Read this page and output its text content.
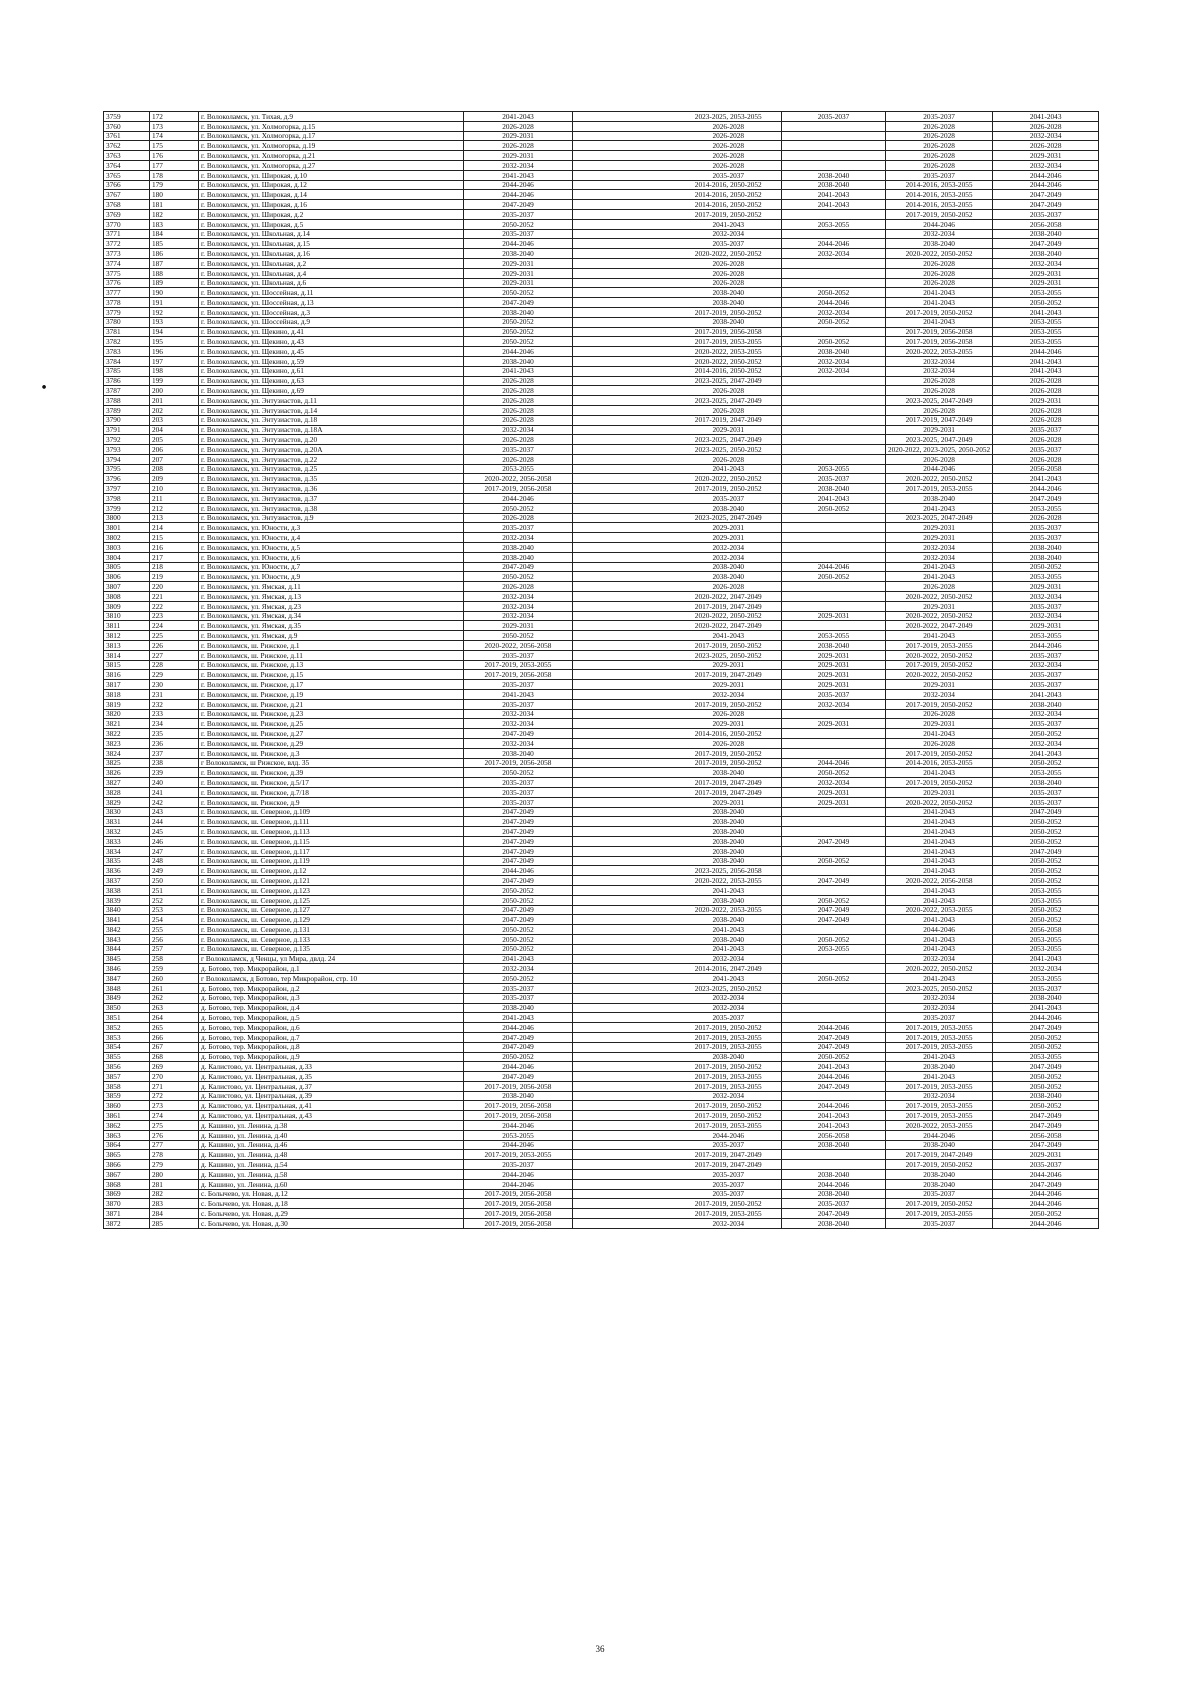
∙
3759	172	г. Волоколамск, ул. Тихая, д.9	2041-2043		2023-2025, 2053-2055	2035-2037	2035-2037	2041-2043
3760	173	г. Волоколамск, ул. Холмогорка, д.15	2026-2028		2026-2028		2026-2028	2026-2028
3761	174	г. Волоколамск, ул. Холмогорка, д.17	2029-2031		2026-2028		2026-2028	2032-2034
3762	175	г. Волоколамск, ул. Холмогорка, д.19	2026-2028		2026-2028		2026-2028	2026-2028
3763	176	г. Волоколамск, ул. Холмогорка, д.21	2029-2031		2026-2028		2026-2028	2029-2031
3764	177	г. Волоколамск, ул. Холмогорка, д.27	2032-2034		2026-2028		2026-2028	2032-2034
3765	178	г. Волоколамск, ул. Широкая, д.10	2041-2043		2035-2037	2038-2040	2035-2037	2044-2046
3766	179	г. Волоколамск, ул. Широкая, д.12	2044-2046		2014-2016, 2050-2052	2038-2040	2014-2016, 2053-2055	2044-2046
3767	180	г. Волоколамск, ул. Широкая, д.14	2044-2046		2014-2016, 2050-2052	2041-2043	2014-2016, 2053-2055	2047-2049
3768	181	г. Волоколамск, ул. Широкая, д.16	2047-2049		2014-2016, 2050-2052	2041-2043	2014-2016, 2053-2055	2047-2049
3769	182	г. Волоколамск, ул. Широкая, д.2	2035-2037		2017-2019, 2050-2052		2017-2019, 2050-2052	2035-2037
3770	183	г. Волоколамск, ул. Широкая, д.5	2050-2052		2041-2043	2053-2055	2044-2046	2056-2058
3771	184	г. Волоколамск, ул. Школьная, д.14	2035-2037		2032-2034		2032-2034	2038-2040
3772	185	г. Волоколамск, ул. Школьная, д.15	2044-2046		2035-2037	2044-2046	2038-2040	2047-2049
3773	186	г. Волоколамск, ул. Школьная, д.16	2038-2040		2020-2022, 2050-2052	2032-2034	2020-2022, 2050-2052	2038-2040
3774	187	г. Волоколамск, ул. Школьная, д.2	2029-2031		2026-2028		2026-2028	2032-2034
3775	188	г. Волоколамск, ул. Школьная, д.4	2029-2031		2026-2028		2026-2028	2029-2031
3776	189	г. Волоколамск, ул. Школьная, д.6	2029-2031		2026-2028		2026-2028	2029-2031
3777	190	г. Волоколамск, ул. Шоссейная, д.11	2050-2052		2038-2040	2050-2052	2041-2043	2053-2055
3778	191	г. Волоколамск, ул. Шоссейная, д.13	2047-2049		2038-2040	2044-2046	2041-2043	2050-2052
3779	192	г. Волоколамск, ул. Шоссейная, д.3	2038-2040		2017-2019, 2050-2052	2032-2034	2017-2019, 2050-2052	2041-2043
3780	193	г. Волоколамск, ул. Шоссейная, д.9	2050-2052		2038-2040	2050-2052	2041-2043	2053-2055
3781	194	г. Волоколамск, ул. Щекино, д.41	2050-2052		2017-2019, 2056-2058		2017-2019, 2056-2058	2053-2055
3782	195	г. Волоколамск, ул. Щекино, д.43	2050-2052		2017-2019, 2053-2055	2050-2052	2017-2019, 2056-2058	2053-2055
3783	196	г. Волоколамск, ул. Щекино, д.45	2044-2046		2020-2022, 2053-2055	2038-2040	2020-2022, 2053-2055	2044-2046
3784	197	г. Волоколамск, ул. Щекино, д.59	2038-2040		2020-2022, 2050-2052	2032-2034	2032-2034	2041-2043
3785	198	г. Волоколамск, ул. Щекино, д.61	2041-2043		2014-2016, 2050-2052	2032-2034	2032-2034	2041-2043
3786	199	г. Волоколамск, ул. Щекино, д.63	2026-2028		2023-2025, 2047-2049		2026-2028	2026-2028
3787	200	г. Волоколамск, ул. Щекино, д.69	2026-2028		2026-2028		2026-2028	2026-2028
3788	201	г. Волоколамск, ул. Энтузиастов, д.11	2026-2028		2023-2025, 2047-2049		2023-2025, 2047-2049	2029-2031
3789	202	г. Волоколамск, ул. Энтузиастов, д.14	2026-2028		2026-2028		2026-2028	2026-2028
3790	203	г. Волоколамск, ул. Энтузиастов, д.18	2026-2028		2017-2019, 2047-2049		2017-2019, 2047-2049	2026-2028
3791	204	г. Волоколамск, ул. Энтузиастов, д.18А	2032-2034		2029-2031		2029-2031	2035-2037
3792	205	г. Волоколамск, ул. Энтузиастов, д.20	2026-2028		2023-2025, 2047-2049		2023-2025, 2047-2049	2026-2028
3793	206	г. Волоколамск, ул. Энтузиастов, д.20А	2035-2037		2023-2025, 2050-2052		2020-2022, 2023-2025, 2050-2052	2035-2037
3794	207	г. Волоколамск, ул. Энтузиастов, д.22	2026-2028		2026-2028		2026-2028	2026-2028
3795	208	г. Волоколамск, ул. Энтузиастов, д.25	2053-2055		2041-2043	2053-2055	2044-2046	2056-2058
3796	209	г. Волоколамск, ул. Энтузиастов, д.35	2020-2022, 2056-2058		2020-2022, 2050-2052	2035-2037	2020-2022, 2050-2052	2041-2043
3797	210	г. Волоколамск, ул. Энтузиастов, д.36	2017-2019, 2056-2058		2017-2019, 2050-2052	2038-2040	2017-2019, 2053-2055	2044-2046
3798	211	г. Волоколамск, ул. Энтузиастов, д.37	2044-2046		2035-2037	2041-2043	2038-2040	2047-2049
3799	212	г. Волоколамск, ул. Энтузиастов, д.38	2050-2052		2038-2040	2050-2052	2041-2043	2053-2055
3800	213	г. Волоколамск, ул. Энтузиастов, д.9	2026-2028		2023-2025, 2047-2049		2023-2025, 2047-2049	2026-2028
3801	214	г. Волоколамск, ул. Юности, д.3	2035-2037		2029-2031		2029-2031	2035-2037
3802	215	г. Волоколамск, ул. Юности, д.4	2032-2034		2029-2031		2029-2031	2035-2037
3803	216	г. Волоколамск, ул. Юности, д.5	2038-2040		2032-2034		2032-2034	2038-2040
3804	217	г. Волоколамск, ул. Юности, д.6	2038-2040		2032-2034		2032-2034	2038-2040
3805	218	г. Волоколамск, ул. Юности, д.7	2047-2049		2038-2040	2044-2046	2041-2043	2050-2052
3806	219	г. Волоколамск, ул. Юности, д.9	2050-2052		2038-2040	2050-2052	2041-2043	2053-2055
3807	220	г. Волоколамск, ул. Ямская, д.11	2026-2028		2026-2028		2026-2028	2029-2031
3808	221	г. Волоколамск, ул. Ямская, д.13	2032-2034		2020-2022, 2047-2049		2020-2022, 2050-2052	2032-2034
3809	222	г. Волоколамск, ул. Ямская, д.23	2032-2034		2017-2019, 2047-2049		2029-2031	2035-2037
3810	223	г. Волоколамск, ул. Ямская, д.34	2032-2034		2020-2022, 2050-2052	2029-2031	2020-2022, 2050-2052	2032-2034
3811	224	г. Волоколамск, ул. Ямская, д.35	2029-2031		2020-2022, 2047-2049		2020-2022, 2047-2049	2029-2031
3812	225	г. Волоколамск, ул. Ямская, д.9	2050-2052		2041-2043	2053-2055	2041-2043	2053-2055
3813	226	г. Волоколамск, ш. Рижское, д.1	2020-2022, 2056-2058		2017-2019, 2050-2052	2038-2040	2017-2019, 2053-2055	2044-2046
3814	227	г. Волоколамск, ш. Рижское, д.11	2035-2037		2023-2025, 2050-2052	2029-2031	2020-2022, 2050-2052	2035-2037
3815	228	г. Волоколамск, ш. Рижское, д.13	2017-2019, 2053-2055		2029-2031	2029-2031	2017-2019, 2050-2052	2032-2034
3816	229	г. Волоколамск, ш. Рижское, д.15	2017-2019, 2056-2058		2017-2019, 2047-2049	2029-2031	2020-2022, 2050-2052	2035-2037
3817	230	г. Волоколамск, ш. Рижское, д.17	2035-2037		2029-2031	2029-2031	2029-2031	2035-2037
3818	231	г. Волоколамск, ш. Рижское, д.19	2041-2043		2032-2034	2035-2037	2032-2034	2041-2043
3819	232	г. Волоколамск, ш. Рижское, д.21	2035-2037		2017-2019, 2050-2052	2032-2034	2017-2019, 2050-2052	2038-2040
3820	233	г. Волоколамск, ш. Рижское, д.23	2032-2034		2026-2028		2026-2028	2032-2034
3821	234	г. Волоколамск, ш. Рижское, д.25	2032-2034		2029-2031	2029-2031	2029-2031	2035-2037
3822	235	г. Волоколамск, ш. Рижское, д.27	2047-2049		2014-2016, 2050-2052		2041-2043	2050-2052
3823	236	г. Волоколамск, ш. Рижское, д.29	2032-2034		2026-2028		2026-2028	2032-2034
3824	237	г. Волоколамск, ш. Рижское, д.3	2038-2040		2017-2019, 2050-2052		2017-2019, 2050-2052	2041-2043
3825	238	г Волоколамск, ш Рижское, влд. 35	2017-2019, 2056-2058		2017-2019, 2050-2052	2044-2046	2014-2016, 2053-2055	2050-2052
3826	239	г. Волоколамск, ш. Рижское, д.39	2050-2052		2038-2040	2050-2052	2041-2043	2053-2055
3827	240	г. Волоколамск, ш. Рижское, д.5/17	2035-2037		2017-2019, 2047-2049	2032-2034	2017-2019, 2050-2052	2038-2040
3828	241	г. Волоколамск, ш. Рижское, д.7/18	2035-2037		2017-2019, 2047-2049	2029-2031	2029-2031	2035-2037
3829	242	г. Волоколамск, ш. Рижское, д.9	2035-2037		2029-2031	2029-2031	2020-2022, 2050-2052	2035-2037
3830	243	г. Волоколамск, ш. Северное, д.109	2047-2049		2038-2040		2041-2043	2047-2049
3831	244	г. Волоколамск, ш. Северное, д.111	2047-2049		2038-2040		2041-2043	2050-2052
3832	245	г. Волоколамск, ш. Северное, д.113	2047-2049		2038-2040		2041-2043	2050-2052
3833	246	г. Волоколамск, ш. Северное, д.115	2047-2049		2038-2040	2047-2049	2041-2043	2050-2052
3834	247	г. Волоколамск, ш. Северное, д.117	2047-2049		2038-2040		2041-2043	2047-2049
3835	248	г. Волоколамск, ш. Северное, д.119	2047-2049		2038-2040	2050-2052	2041-2043	2050-2052
3836	249	г. Волоколамск, ш. Северное, д.12	2044-2046		2023-2025, 2056-2058		2041-2043	2050-2052
3837	250	г. Волоколамск, ш. Северное, д.121	2047-2049		2020-2022, 2053-2055	2047-2049	2020-2022, 2056-2058	2050-2052
3838	251	г. Волоколамск, ш. Северное, д.123	2050-2052		2041-2043		2041-2043	2053-2055
3839	252	г. Волоколамск, ш. Северное, д.125	2050-2052		2038-2040	2050-2052	2041-2043	2053-2055
3840	253	г. Волоколамск, ш. Северное, д.127	2047-2049		2020-2022, 2053-2055	2047-2049	2020-2022, 2053-2055	2050-2052
3841	254	г. Волоколамск, ш. Северное, д.129	2047-2049		2038-2040	2047-2049	2041-2043	2050-2052
3842	255	г. Волоколамск, ш. Северное, д.131	2050-2052		2041-2043		2044-2046	2056-2058
3843	256	г. Волоколамск, ш. Северное, д.133	2050-2052		2038-2040	2050-2052	2041-2043	2053-2055
3844	257	г. Волоколамск, ш. Северное, д.135	2050-2052		2041-2043	2053-2055	2041-2043	2053-2055
3845	258	г Волоколамск, д Ченцы, ул Мира, двлд. 24	2041-2043		2032-2034		2032-2034	2041-2043
3846	259	д. Ботово, тер. Микрорайон, д.1	2032-2034		2014-2016, 2047-2049		2020-2022, 2050-2052	2032-2034
3847	260	г Волоколамск, д Ботово, тер Микрорайон, стр. 10	2050-2052		2041-2043	2050-2052	2041-2043	2053-2055
3848	261	д. Ботово, тер. Микрорайон, д.2	2035-2037		2023-2025, 2050-2052		2023-2025, 2050-2052	2035-2037
3849	262	д. Ботово, тер. Микрорайон, д.3	2035-2037		2032-2034		2032-2034	2038-2040
3850	263	д. Ботово, тер. Микрорайон, д.4	2038-2040		2032-2034		2032-2034	2041-2043
3851	264	д. Ботово, тер. Микрорайон, д.5	2041-2043		2035-2037		2035-2037	2044-2046
3852	265	д. Ботово, тер. Микрорайон, д.6	2044-2046		2017-2019, 2050-2052	2044-2046	2017-2019, 2053-2055	2047-2049
3853	266	д. Ботово, тер. Микрорайон, д.7	2047-2049		2017-2019, 2053-2055	2047-2049	2017-2019, 2053-2055	2050-2052
3854	267	д. Ботово, тер. Микрорайон, д.8	2047-2049		2017-2019, 2053-2055	2047-2049	2017-2019, 2053-2055	2050-2052
3855	268	д. Ботово, тер. Микрорайон, д.9	2050-2052		2038-2040	2050-2052	2041-2043	2053-2055
3856	269	д. Калистово, ул. Центральная, д.33	2044-2046		2017-2019, 2050-2052	2041-2043	2038-2040	2047-2049
3857	270	д. Калистово, ул. Центральная, д.35	2047-2049		2017-2019, 2053-2055	2044-2046	2041-2043	2050-2052
3858	271	д. Калистово, ул. Центральная, д.37	2017-2019, 2056-2058		2017-2019, 2053-2055	2047-2049	2017-2019, 2053-2055	2050-2052
3859	272	д. Калистово, ул. Центральная, д.39	2038-2040		2032-2034		2032-2034	2038-2040
3860	273	д. Калистово, ул. Центральная, д.41	2017-2019, 2056-2058		2017-2019, 2050-2052	2044-2046	2017-2019, 2053-2055	2050-2052
3861	274	д. Калистово, ул. Центральная, д.43	2017-2019, 2056-2058		2017-2019, 2050-2052	2041-2043	2017-2019, 2053-2055	2047-2049
3862	275	д. Кашино, ул. Ленина, д.38	2044-2046		2017-2019, 2053-2055	2041-2043	2020-2022, 2053-2055	2047-2049
3863	276	д. Кашино, ул. Ленина, д.40	2053-2055		2044-2046	2056-2058	2044-2046	2056-2058
3864	277	д. Кашино, ул. Ленина, д.46	2044-2046		2035-2037	2038-2040	2038-2040	2047-2049
3865	278	д. Кашино, ул. Ленина, д.48	2017-2019, 2053-2055		2017-2019, 2047-2049		2017-2019, 2047-2049	2029-2031
3866	279	д. Кашино, ул. Ленина, д.54	2035-2037		2017-2019, 2047-2049		2017-2019, 2050-2052	2035-2037
3867	280	д. Кашино, ул. Ленина, д.58	2044-2046		2035-2037	2038-2040	2038-2040	2044-2046
3868	281	д. Кашино, ул. Ленина, д.60	2044-2046		2035-2037	2044-2046	2038-2040	2047-2049
3869	282	с. Болычево, ул. Новая, д.12	2017-2019, 2056-2058		2035-2037	2038-2040	2035-2037	2044-2046
3870	283	с. Болычево, ул. Новая, д.18	2017-2019, 2056-2058		2017-2019, 2050-2052	2035-2037	2017-2019, 2050-2052	2044-2046
3871	284	с. Болычево, ул. Новая, д.29	2017-2019, 2056-2058		2017-2019, 2053-2055	2047-2049	2017-2019, 2053-2055	2050-2052
3872	285	с. Болычево, ул. Новая, д.30	2017-2019, 2056-2058		2032-2034	2038-2040	2035-2037	2044-2046
36
